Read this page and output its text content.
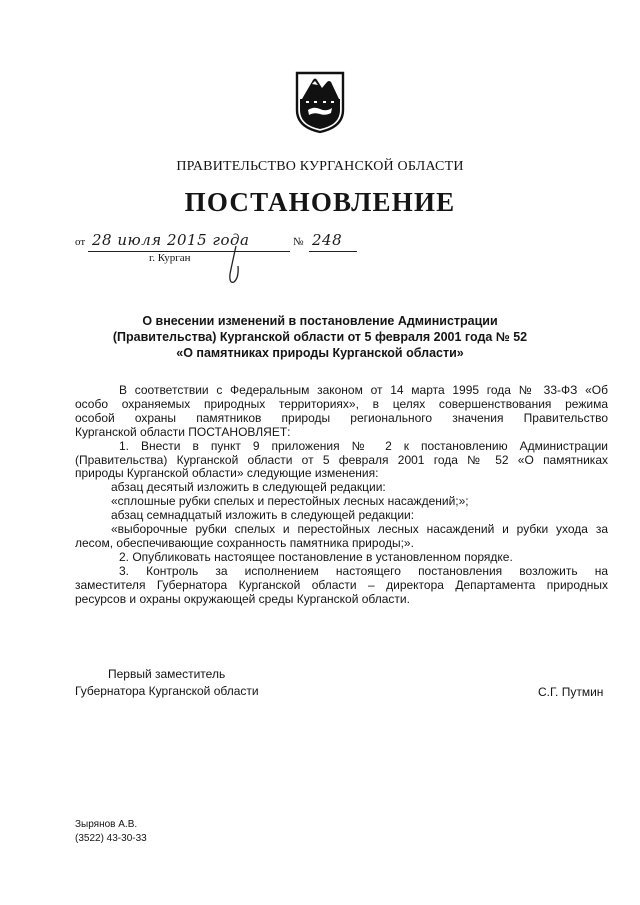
ПРАВИТЕЛЬСТВО КУРГАНСКОЙ ОБЛАСТИ
ПОСТАНОВЛЕНИЕ
от 28 июля 2015 года	№ 248
г. Курган
О внесении изменений в постановление Администрации
(Правительства) Курганской области от 5 февраля 2001 года № 52
«О памятниках природы Курганской области»

В соответствии с Федеральным законом от 14 марта 1995 года № 33-ФЗ «Об

особо охраняемых природных территориях», в целях совершенствования режима

особой охраны памятников природы регионального значения Правительство

Курганской области ПОСТАНОВЛЯЕТ:

1. Внести в пункт 9 приложения № 2 к постановлению Администрации

(Правительства) Курганской области от 5 февраля 2001 года № 52 «О памятниках

природы Курганской области» следующие изменения:

абзац десятый изложить в следующей редакции:

«сплошные рубки спелых и перестойных лесных насаждений;»;

абзац семнадцатый изложить в следующей редакции:

«выборочные рубки спелых и перестойных лесных насаждений и рубки ухода за

лесом, обеспечивающие сохранность памятника природы;».

2. Опубликовать настоящее постановление в установленном порядке.

3. Контроль за исполнением настоящего постановления возложить на

заместителя Губернатора Курганской области – директора Департамента природных

ресурсов и охраны окружающей среды Курганской области.

Первый заместитель
Губернатора Курганской области	С.Г. Путмин
Зырянов А.В.
(3522) 43-30-33
